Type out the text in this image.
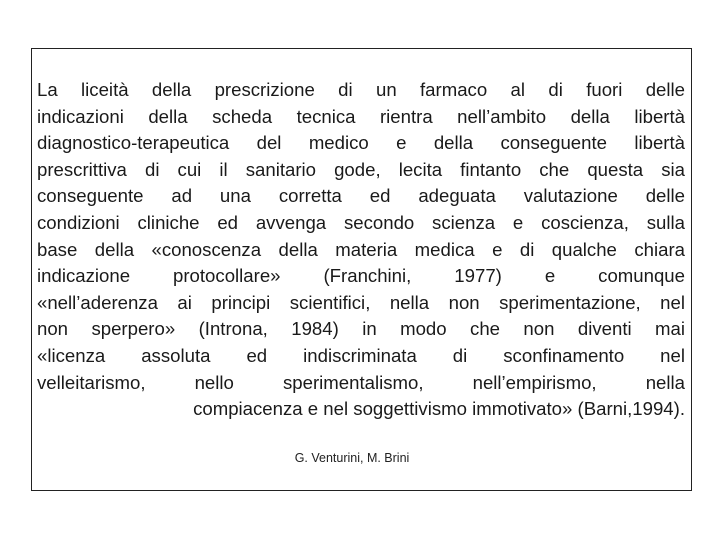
La liceità della prescrizione di un farmaco al di fuori delle
indicazioni della scheda tecnica rientra nell’ambito della libertà
diagnostico-terapeutica del medico e della conseguente libertà
prescrittiva di cui il sanitario gode, lecita fintanto che questa sia
conseguente ad una corretta ed adeguata valutazione delle
condizioni cliniche ed avvenga secondo scienza e coscienza, sulla
base della «conoscenza della materia medica e di qualche chiara
indicazione protocollare» (Franchini, 1977) e comunque
«nell’aderenza ai principi scientifici, nella non sperimentazione, nel
non sperpero» (Introna, 1984) in modo che non diventi mai
«licenza assoluta ed indiscriminata di sconfinamento nel
velleitarismo, nello sperimentalismo, nell’empirismo, nella
compiacenza e nel soggettivismo immotivato» (Barni,1994).

G. Venturini, M. Brini
